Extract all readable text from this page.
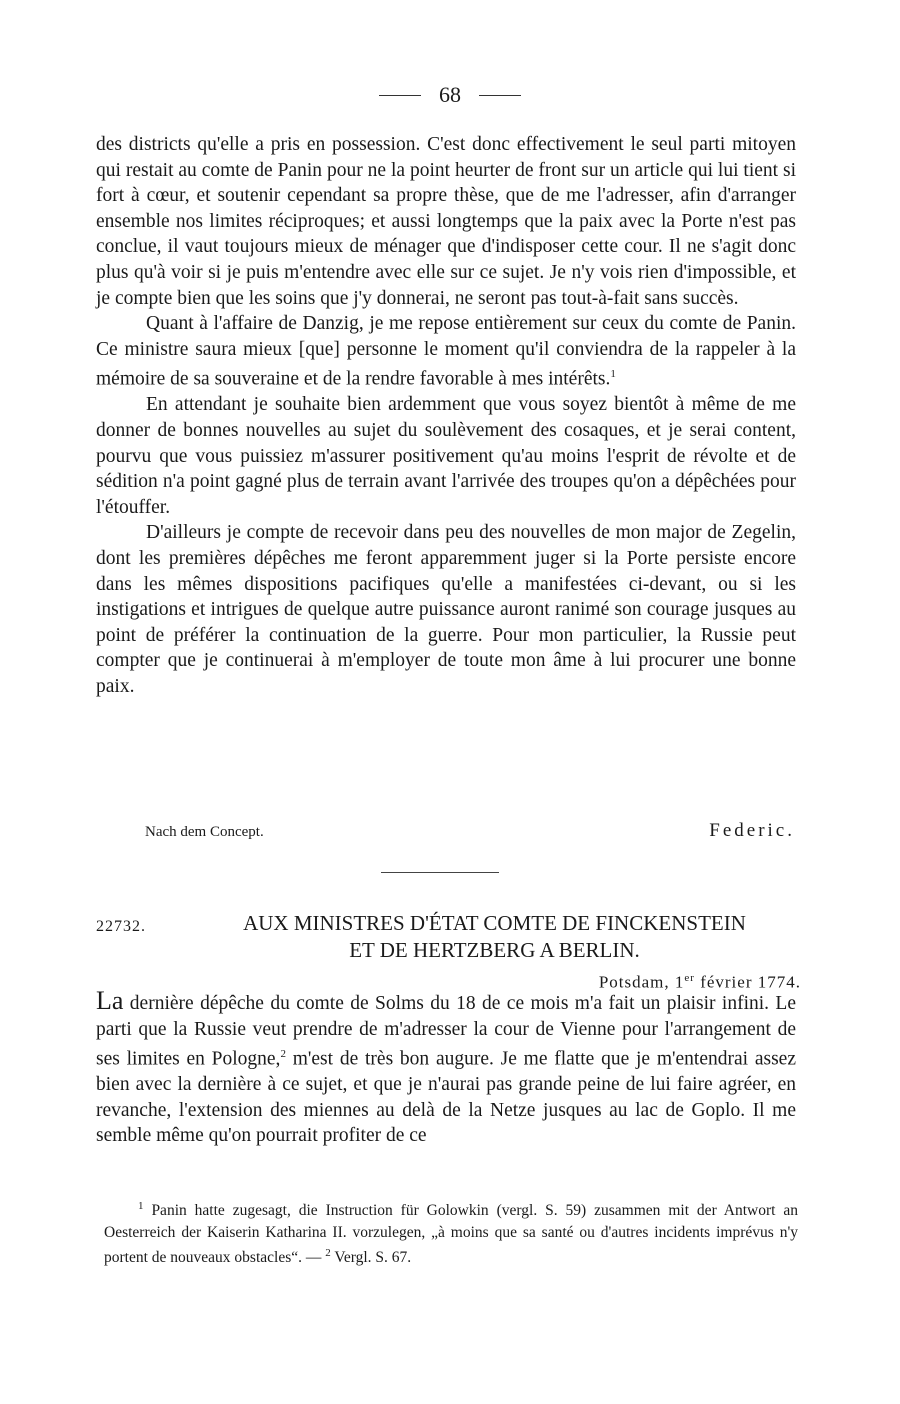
68

des districts qu'elle a pris en possession. C'est donc effectivement le seul parti mitoyen qui restait au comte de Panin pour ne la point heurter de front sur un article qui lui tient si fort à cœur, et soutenir cependant sa propre thèse, que de me l'adresser, afin d'arranger ensemble nos limites réciproques; et aussi longtemps que la paix avec la Porte n'est pas conclue, il vaut toujours mieux de ménager que d'indisposer cette cour. Il ne s'agit donc plus qu'à voir si je puis m'entendre avec elle sur ce sujet. Je n'y vois rien d'impossible, et je compte bien que les soins que j'y donnerai, ne seront pas tout-à-fait sans succès.

Quant à l'affaire de Danzig, je me repose entièrement sur ceux du comte de Panin. Ce ministre saura mieux [que] personne le moment qu'il conviendra de la rappeler à la mémoire de sa souveraine et de la rendre favorable à mes intérêts.$^1$

En attendant je souhaite bien ardemment que vous soyez bientôt à même de me donner de bonnes nouvelles au sujet du soulèvement des cosaques, et je serai content, pourvu que vous puissiez m'assurer positivement qu'au moins l'esprit de révolte et de sédition n'a point gagné plus de terrain avant l'arrivée des troupes qu'on a dépêchées pour l'étouffer.

D'ailleurs je compte de recevoir dans peu des nouvelles de mon major de Zegelin, dont les premières dépêches me feront apparemment juger si la Porte persiste encore dans les mêmes dispositions pacifiques qu'elle a manifestées ci-devant, ou si les instigations et intrigues de quelque autre puissance auront ranimé son courage jusques au point de préférer la continuation de la guerre. Pour mon particulier, la Russie peut compter que je continuerai à m'employer de toute mon âme à lui procurer une bonne paix.

Nach dem Concept.	Federic.
22732.	AUX MINISTRES D'ÉTAT COMTE DE FINCKENSTEIN
ET DE HERTZBERG A BERLIN.
Potsdam, 1er février 1774.

La dernière dépêche du comte de Solms du 18 de ce mois m'a fait un plaisir infini. Le parti que la Russie veut prendre de m'adresser la cour de Vienne pour l'arrangement de ses limites en Pologne,$^2$ m'est de très bon augure. Je me flatte que je m'entendrai assez bien avec la dernière à ce sujet, et que je n'aurai pas grande peine de lui faire agréer, en revanche, l'extension des miennes au delà de la Netze jusques au lac de Goplo. Il me semble même qu'on pourrait profiter de ce

$^1$ Panin hatte zugesagt, die Instruction für Golowkin (vergl. S. 59) zusammen mit der Antwort an Oesterreich der Kaiserin Katharina II. vorzulegen, „à moins que sa santé ou d'autres incidents imprévus n'y portent de nouveaux obstacles“. — $^2$ Vergl. S. 67.
